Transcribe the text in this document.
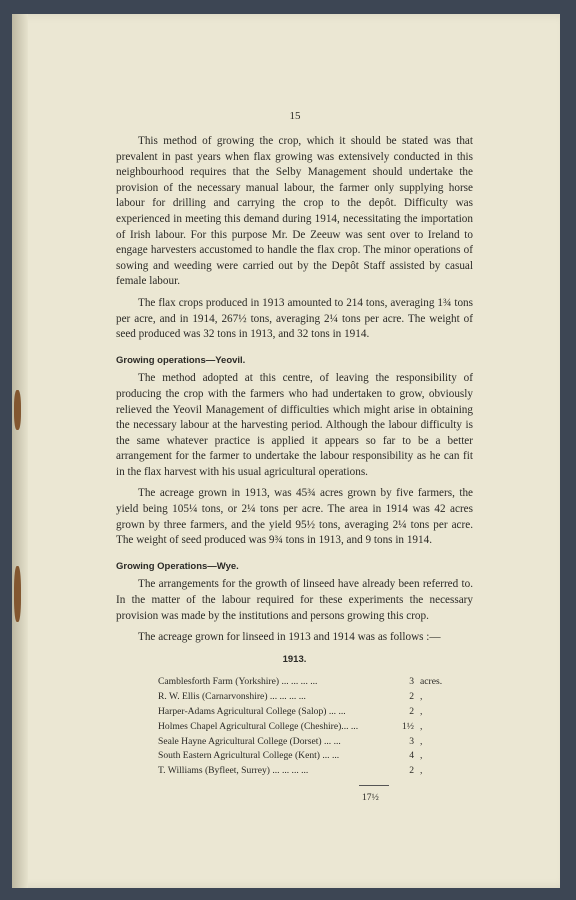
15

This method of growing the crop, which it should be stated was that prevalent in past years when flax growing was extensively conducted in this neighbourhood requires that the Selby Management should undertake the provision of the necessary manual labour, the farmer only supplying horse labour for drilling and carrying the crop to the depôt. Difficulty was experienced in meeting this demand during 1914, necessitating the importation of Irish labour. For this purpose Mr. De Zeeuw was sent over to Ireland to engage harvesters accustomed to handle the flax crop. The minor operations of sowing and weeding were carried out by the Depôt Staff assisted by casual female labour.

The flax crops produced in 1913 amounted to 214 tons, averaging 1¾ tons per acre, and in 1914, 267½ tons, averaging 2¼ tons per acre. The weight of seed produced was 32 tons in 1913, and 32 tons in 1914.

Growing operations—Yeovil.

The method adopted at this centre, of leaving the responsibility of producing the crop with the farmers who had undertaken to grow, obviously relieved the Yeovil Management of difficulties which might arise in obtaining the necessary labour at the harvesting period. Although the labour difficulty is the same whatever practice is applied it appears so far to be a better arrangement for the farmer to undertake the labour responsibility as he can fit in the flax harvest with his usual agricultural operations.

The acreage grown in 1913, was 45¾ acres grown by five farmers, the yield being 105¼ tons, or 2¼ tons per acre. The area in 1914 was 42 acres grown by three farmers, and the yield 95½ tons, averaging 2¼ tons per acre. The weight of seed produced was 9¾ tons in 1913, and 9 tons in 1914.

Growing Operations—Wye.

The arrangements for the growth of linseed have already been referred to. In the matter of the labour required for these experiments the necessary provision was made by the institutions and persons growing this crop.

The acreage grown for linseed in 1913 and 1914 was as follows :—

1913.
Camblesforth Farm (Yorkshire) ... ... ... ...	3 acres.
R. W. Ellis (Carnarvonshire) ... ... ... ...	2 ,
Harper-Adams Agricultural College (Salop) ... ...	2 ,
Holmes Chapel Agricultural College (Cheshire)... ...	1½ ,
Seale Hayne Agricultural College (Dorset) ... ...	3 ,
South Eastern Agricultural College (Kent) ... ...	4 ,
T. Williams (Byfleet, Surrey) ... ... ... ...	2 ,
17½
